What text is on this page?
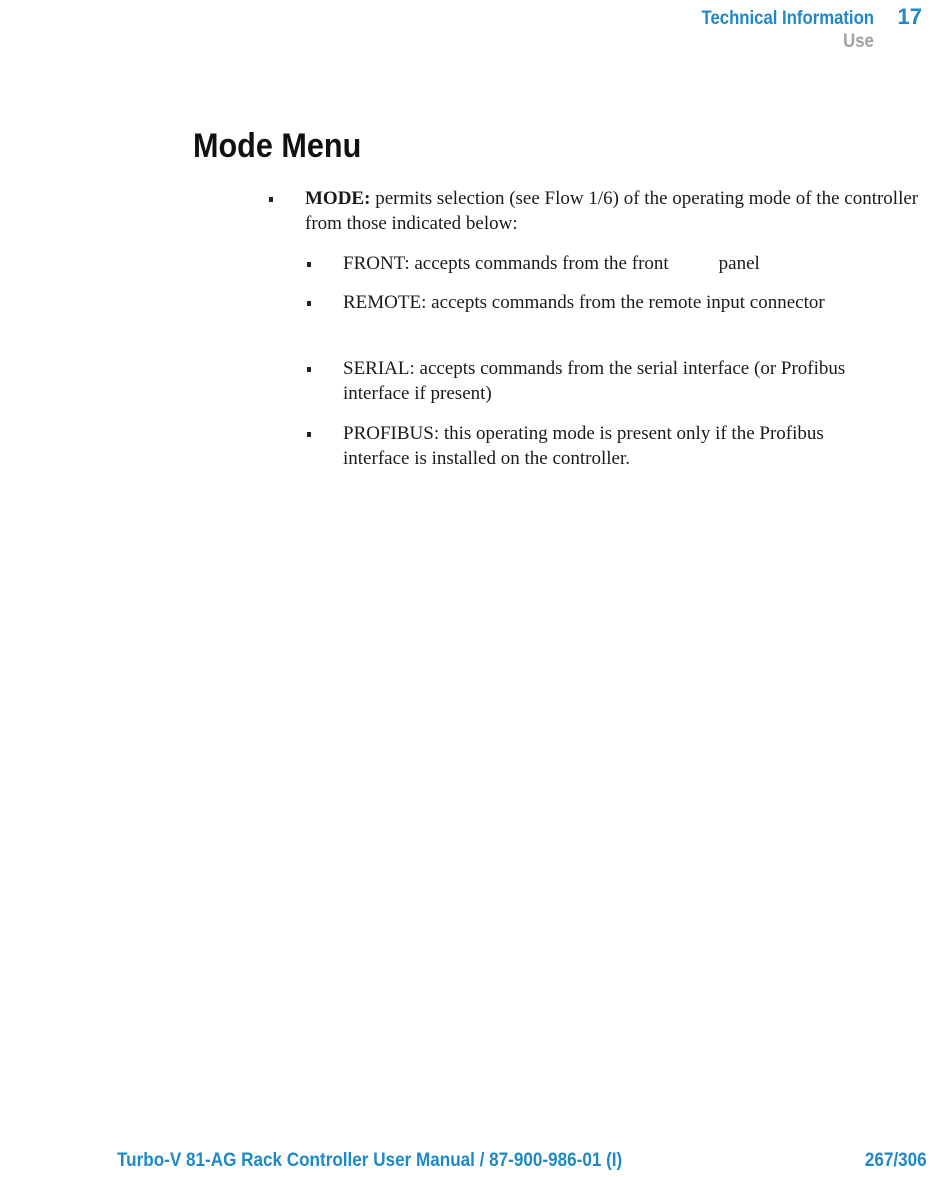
Technical Information 17
Use
Mode Menu
MODE: permits selection (see Flow 1/6) of the operating mode of the controller from those indicated below:
FRONT: accepts commands from the front	panel
REMOTE: accepts commands from the remote input connector
SERIAL: accepts commands from the serial interface (or Profibus interface if present)
PROFIBUS: this operating mode is present only if the Profibus interface is installed on the controller.
Turbo-V 81-AG Rack Controller User Manual / 87-900-986-01 (I)	267/306
